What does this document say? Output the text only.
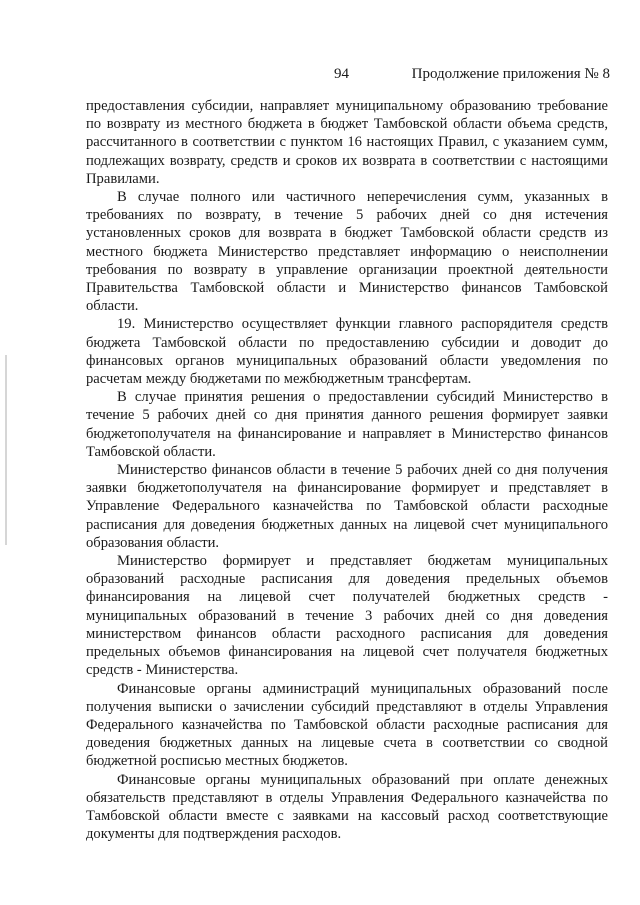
94	Продолжение приложения № 8

предоставления субсидии, направляет муниципальному образованию требование по возврату из местного бюджета в бюджет Тамбовской области объема средств, рассчитанного в соответствии с пунктом 16 настоящих Правил, с указанием сумм, подлежащих возврату, средств и сроков их возврата в соответствии с настоящими Правилами.

В случае полного или частичного неперечисления сумм, указанных в требованиях по возврату, в течение 5 рабочих дней со дня истечения установленных сроков для возврата в бюджет Тамбовской области средств из местного бюджета Министерство представляет информацию о неисполнении требования по возврату в управление организации проектной деятельности Правительства Тамбовской области и Министерство финансов Тамбовской области.

19. Министерство осуществляет функции главного распорядителя средств бюджета Тамбовской области по предоставлению субсидии и доводит до финансовых органов муниципальных образований области уведомления по расчетам между бюджетами по межбюджетным трансфертам.

В случае принятия решения о предоставлении субсидий Министерство в течение 5 рабочих дней со дня принятия данного решения формирует заявки бюджетополучателя на финансирование и направляет в Министерство финансов Тамбовской области.

Министерство финансов области в течение 5 рабочих дней со дня получения заявки бюджетополучателя на финансирование формирует и представляет в Управление Федерального казначейства по Тамбовской области расходные расписания для доведения бюджетных данных на лицевой счет муниципального образования области.

Министерство формирует и представляет бюджетам муниципальных образований расходные расписания для доведения предельных объемов финансирования на лицевой счет получателей бюджетных средств - муниципальных образований в течение 3 рабочих дней со дня доведения министерством финансов области расходного расписания для доведения предельных объемов финансирования на лицевой счет получателя бюджетных средств - Министерства.

Финансовые органы администраций муниципальных образований после получения выписки о зачислении субсидий представляют в отделы Управления Федерального казначейства по Тамбовской области расходные расписания для доведения бюджетных данных на лицевые счета в соответствии со сводной бюджетной росписью местных бюджетов.

Финансовые органы муниципальных образований при оплате денежных обязательств представляют в отделы Управления Федерального казначейства по Тамбовской области вместе с заявками на кассовый расход соответствующие документы для подтверждения расходов.
